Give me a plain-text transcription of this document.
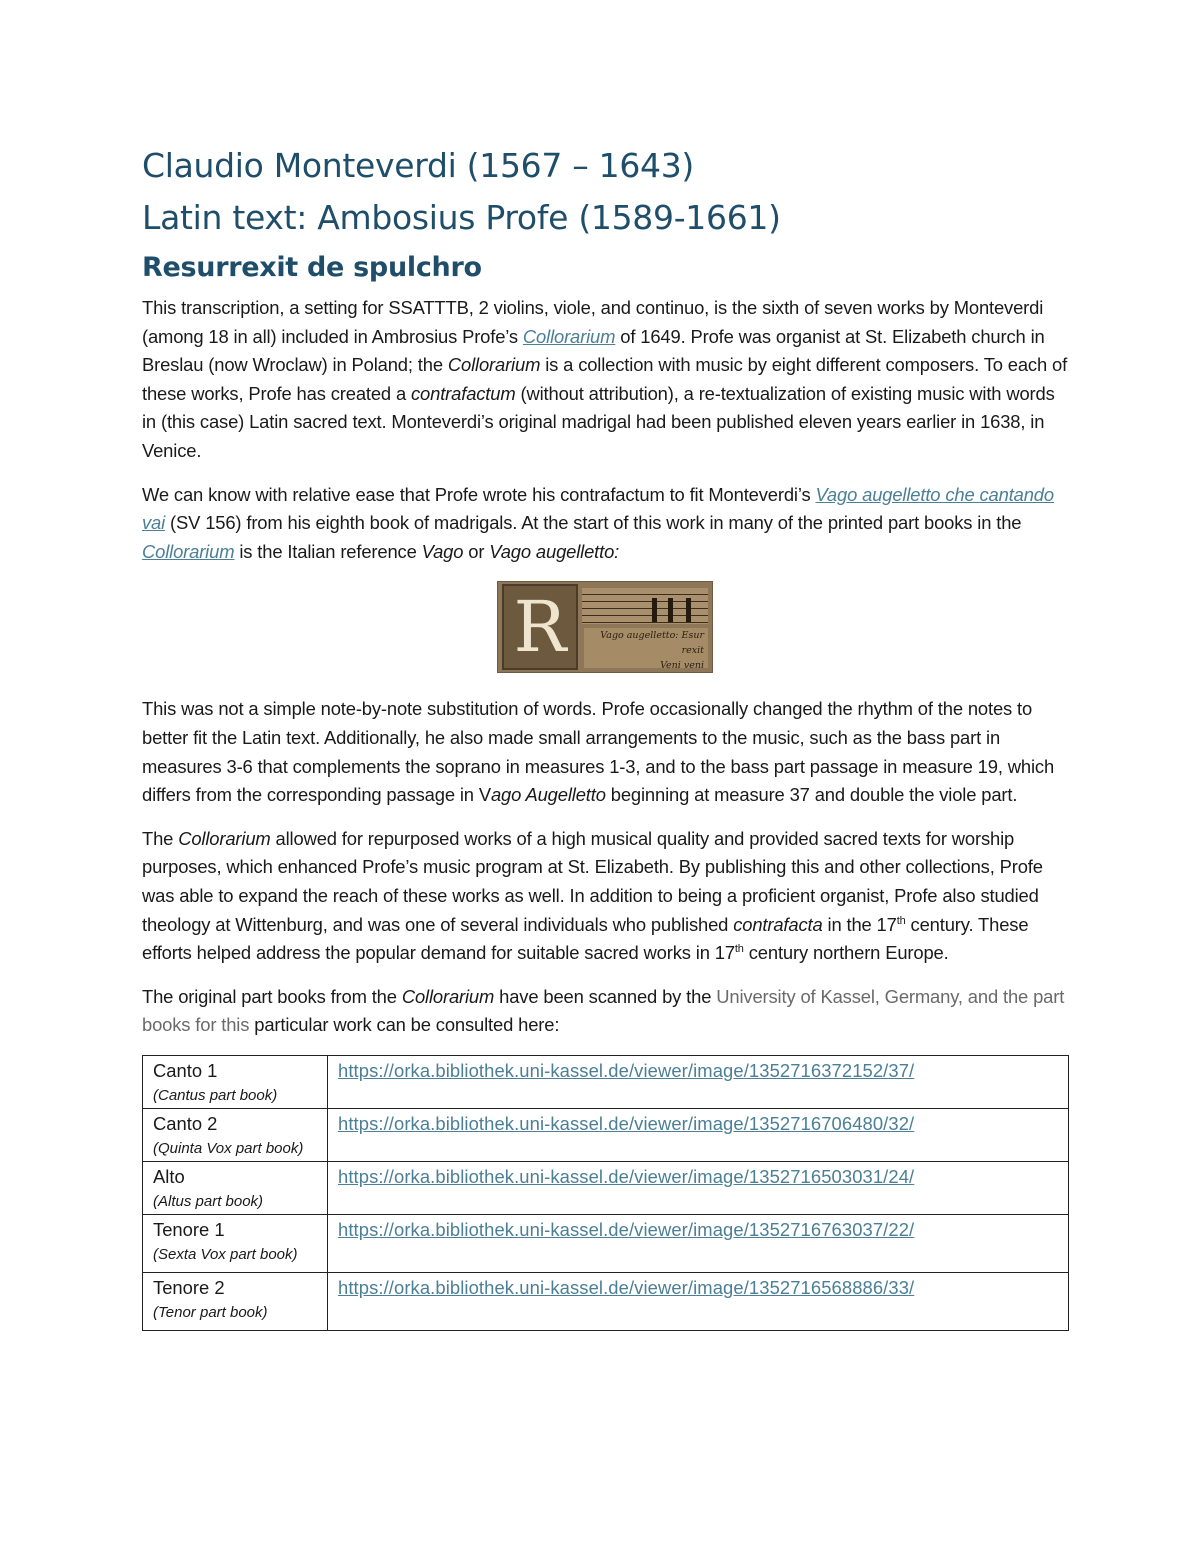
Claudio Monteverdi (1567 – 1643)
Latin text: Ambosius Profe (1589-1661)
Resurrexit de spulchro

This transcription, a setting for SSATTTB, 2 violins, viole, and continuo, is the sixth of seven works by Monteverdi (among 18 in all) included in Ambrosius Profe’s Collorarium of 1649. Profe was organist at St. Elizabeth church in Breslau (now Wroclaw) in Poland; the Collorarium is a collection with music by eight different composers. To each of these works, Profe has created a contrafactum (without attribution), a re-textualization of existing music with words in (this case) Latin sacred text. Monteverdi’s original madrigal had been published eleven years earlier in 1638, in Venice.

We can know with relative ease that Profe wrote his contrafactum to fit Monteverdi’s Vago augelletto che cantando vai (SV 156) from his eighth book of madrigals. At the start of this work in many of the printed part books in the Collorarium is the Italian reference Vago or Vago augelletto:

R	Vago augelletto: Esur rexit
Veni veni

This was not a simple note-by-note substitution of words. Profe occasionally changed the rhythm of the notes to better fit the Latin text. Additionally, he also made small arrangements to the music, such as the bass part in measures 3-6 that complements the soprano in measures 1-3, and to the bass part passage in measure 19, which differs from the corresponding passage in Vago Augelletto beginning at measure 37 and double the viole part.

The Collorarium allowed for repurposed works of a high musical quality and provided sacred texts for worship purposes, which enhanced Profe’s music program at St. Elizabeth. By publishing this and other collections, Profe was able to expand the reach of these works as well. In addition to being a proficient organist, Profe also studied theology at Wittenburg, and was one of several individuals who published contrafacta in the 17th century. These efforts helped address the popular demand for suitable sacred works in 17th century northern Europe.

The original part books from the Collorarium have been scanned by the University of Kassel, Germany, and the part books for this particular work can be consulted here:

Canto 1
(Cantus part book)	https://orka.bibliothek.uni-kassel.de/viewer/image/1352716372152/37/

Canto 2
(Quinta Vox part book)	https://orka.bibliothek.uni-kassel.de/viewer/image/1352716706480/32/

Alto
(Altus part book)	https://orka.bibliothek.uni-kassel.de/viewer/image/1352716503031/24/

Tenore 1
(Sexta Vox part book)	https://orka.bibliothek.uni-kassel.de/viewer/image/1352716763037/22/

Tenore 2
(Tenor part book)	https://orka.bibliothek.uni-kassel.de/viewer/image/1352716568886/33/
